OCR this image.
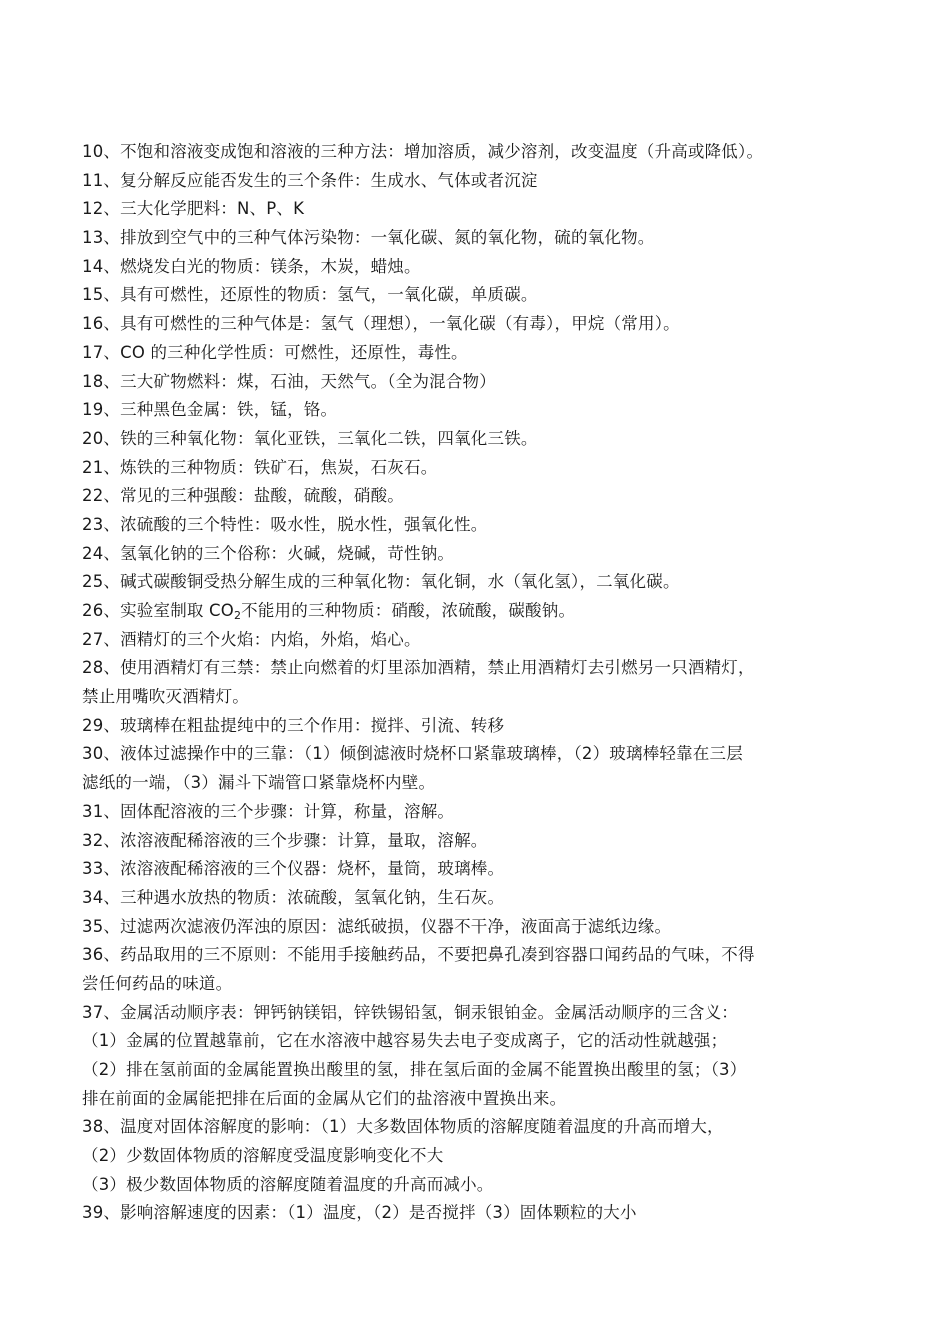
10、不饱和溶液变成饱和溶液的三种方法：增加溶质，减少溶剂，改变温度（升高或降低）。
11、复分解反应能否发生的三个条件：生成水、气体或者沉淀
12、三大化学肥料：N、P、K
13、排放到空气中的三种气体污染物：一氧化碳、氮的氧化物，硫的氧化物。
14、燃烧发白光的物质：镁条，木炭，蜡烛。
15、具有可燃性，还原性的物质：氢气，一氧化碳，单质碳。
16、具有可燃性的三种气体是：氢气（理想），一氧化碳（有毒），甲烷（常用）。
17、CO 的三种化学性质：可燃性，还原性，毒性。
18、三大矿物燃料：煤，石油，天然气。（全为混合物）
19、三种黑色金属：铁，锰，铬。
20、铁的三种氧化物：氧化亚铁，三氧化二铁，四氧化三铁。
21、炼铁的三种物质：铁矿石，焦炭，石灰石。
22、常见的三种强酸：盐酸，硫酸，硝酸。
23、浓硫酸的三个特性：吸水性，脱水性，强氧化性。
24、氢氧化钠的三个俗称：火碱，烧碱，苛性钠。
25、碱式碳酸铜受热分解生成的三种氧化物：氧化铜，水（氧化氢），二氧化碳。
26、实验室制取 $CO_2$不能用的三种物质：硝酸，浓硫酸，碳酸钠。
27、酒精灯的三个火焰：内焰，外焰，焰心。
28、使用酒精灯有三禁：禁止向燃着的灯里添加酒精，禁止用酒精灯去引燃另一只酒精灯，
禁止用嘴吹灭酒精灯。
29、玻璃棒在粗盐提纯中的三个作用：搅拌、引流、转移
30、液体过滤操作中的三靠：（1）倾倒滤液时烧杯口紧靠玻璃棒，（2）玻璃棒轻靠在三层
滤纸的一端，（3）漏斗下端管口紧靠烧杯内壁。
31、固体配溶液的三个步骤：计算，称量，溶解。
32、浓溶液配稀溶液的三个步骤：计算，量取，溶解。
33、浓溶液配稀溶液的三个仪器：烧杯，量筒，玻璃棒。
34、三种遇水放热的物质：浓硫酸，氢氧化钠，生石灰。
35、过滤两次滤液仍浑浊的原因：滤纸破损，仪器不干净，液面高于滤纸边缘。
36、药品取用的三不原则：不能用手接触药品，不要把鼻孔凑到容器口闻药品的气味，不得
尝任何药品的味道。
37、金属活动顺序表：钾钙钠镁铝，锌铁锡铅氢，铜汞银铂金。金属活动顺序的三含义：
（1）金属的位置越靠前，它在水溶液中越容易失去电子变成离子，它的活动性就越强；
（2）排在氢前面的金属能置换出酸里的氢，排在氢后面的金属不能置换出酸里的氢；（3）
排在前面的金属能把排在后面的金属从它们的盐溶液中置换出来。
38、温度对固体溶解度的影响：（1）大多数固体物质的溶解度随着温度的升高而增大，
（2）少数固体物质的溶解度受温度影响变化不大
（3）极少数固体物质的溶解度随着温度的升高而减小。
39、影响溶解速度的因素：（1）温度，（2）是否搅拌（3）固体颗粒的大小
